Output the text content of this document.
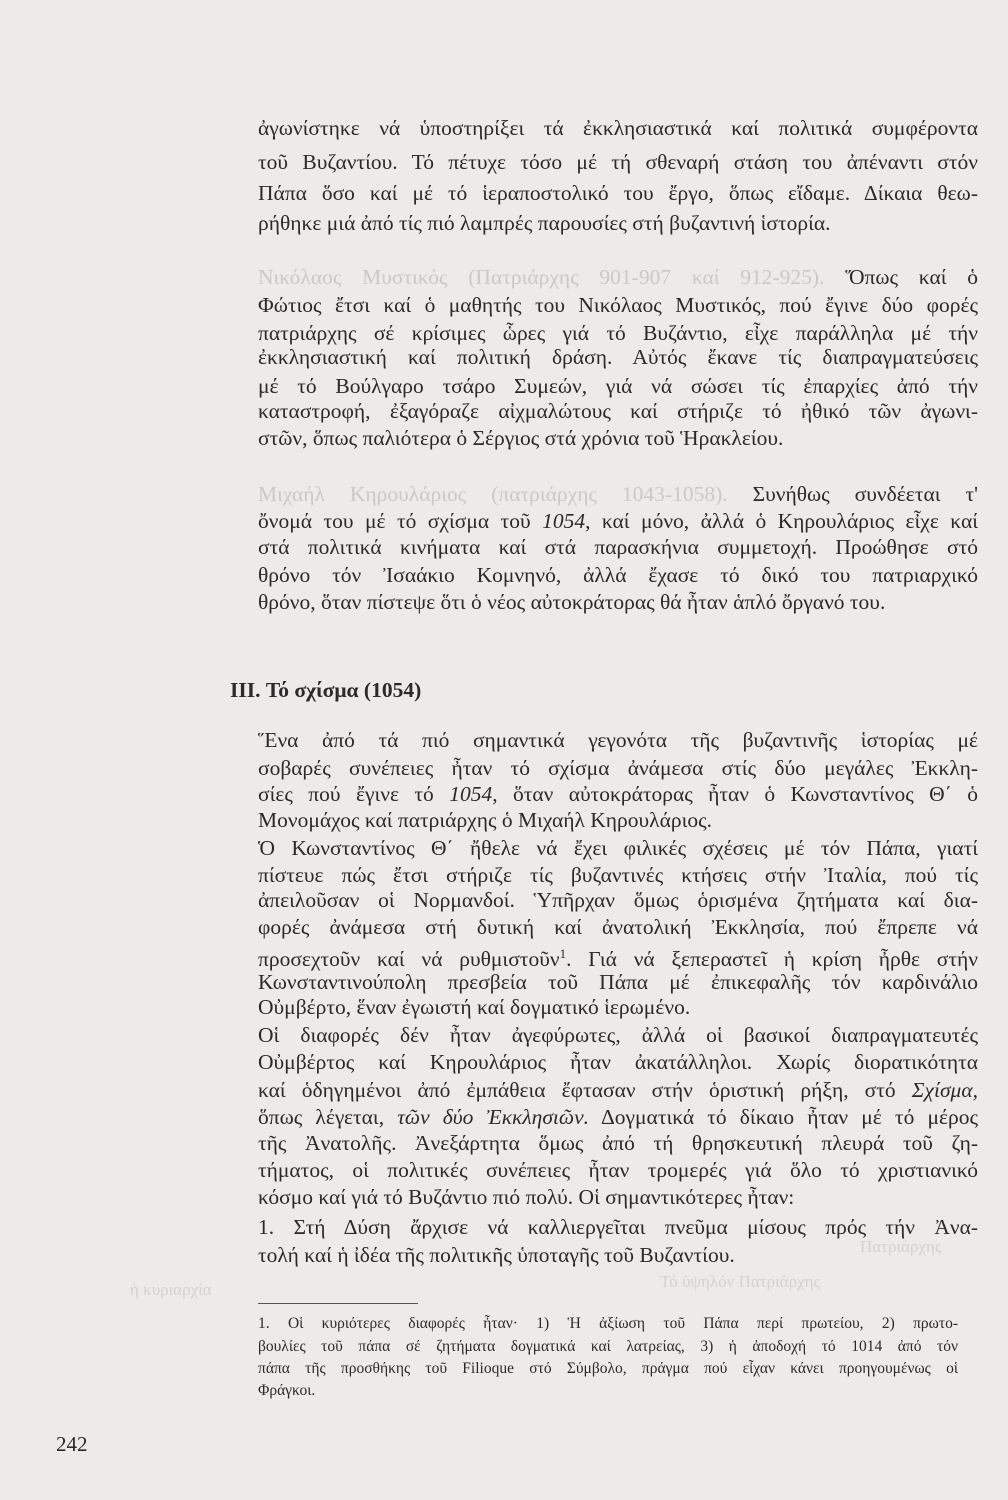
ἀγωνίστηκε νά ὑποστηρίξει τά ἐκκλησιαστικά καί πολιτικά συμφέροντα
τοῦ Βυζαντίου. Τό πέτυχε τόσο μέ τή σθεναρή στάση του ἀπέναντι στόν
Πάπα ὅσο καί μέ τό ἱεραποστολικό του ἔργο, ὅπως εἴδαμε. Δίκαια θεω-
ρήθηκε μιά ἀπό τίς πιό λαμπρές παρουσίες στή βυζαντινή ἱστορία.
Νικόλαος Μυστικός (Πατριάρχης 901-907 καί 912-925). Ὅπως καί ὁ
Φώτιος ἔτσι καί ὁ μαθητής του Νικόλαος Μυστικός, πού ἔγινε δύο φορές
πατριάρχης σέ κρίσιμες ὧρες γιά τό Βυζάντιο, εἶχε παράλληλα μέ τήν
ἐκκλησιαστική καί πολιτική δράση. Αὐτός ἔκανε τίς διαπραγματεύσεις
μέ τό Βούλγαρο τσάρο Συμεών, γιά νά σώσει τίς ἐπαρχίες ἀπό τήν
καταστροφή, ἐξαγόραζε αἰχμαλώτους καί στήριζε τό ἠθικό τῶν ἀγωνι-
στῶν, ὅπως παλιότερα ὁ Σέργιος στά χρόνια τοῦ Ἡρακλείου.
Μιχαήλ Κηρουλάριος (πατριάρχης 1043-1058). Συνήθως συνδέεται τ'
ὄνομά του μέ τό σχίσμα τοῦ 1054, καί μόνο, ἀλλά ὁ Κηρουλάριος εἶχε καί
στά πολιτικά κινήματα καί στά παρασκήνια συμμετοχή. Προώθησε στό
θρόνο τόν Ἰσαάκιο Κομνηνό, ἀλλά ἔχασε τό δικό του πατριαρχικό
θρόνο, ὅταν πίστεψε ὅτι ὁ νέος αὐτοκράτορας θά ἦταν ἁπλό ὄργανό του.
III. Τό σχίσμα (1054)
Ἕνα ἀπό τά πιό σημαντικά γεγονότα τῆς βυζαντινῆς ἱστορίας μέ
σοβαρές συνέπειες ἦταν τό σχίσμα ἀνάμεσα στίς δύο μεγάλες Ἐκκλη-
σίες πού ἔγινε τό 1054, ὅταν αὐτοκράτορας ἦταν ὁ Κωνσταντίνος Θ΄ ὁ
Μονομάχος καί πατριάρχης ὁ Μιχαήλ Κηρουλάριος.
Ὁ Κωνσταντίνος Θ΄ ἤθελε νά ἔχει φιλικές σχέσεις μέ τόν Πάπα, γιατί
πίστευε πώς ἔτσι στήριζε τίς βυζαντινές κτήσεις στήν Ἰταλία, πού τίς
ἀπειλοῦσαν οἱ Νορμανδοί. Ὑπῆρχαν ὅμως ὁρισμένα ζητήματα καί δια-
φορές ἀνάμεσα στή δυτική καί ἀνατολική Ἐκκλησία, πού ἔπρεπε νά
προσεχτοῦν καί νά ρυθμιστοῦν$^1$. Γιά νά ξεπεραστεῖ ἡ κρίση ἦρθε στήν
Κωνσταντινούπολη πρεσβεία τοῦ Πάπα μέ ἐπικεφαλῆς τόν καρδινάλιο
Οὐμβέρτο, ἕναν ἐγωιστή καί δογματικό ἱερωμένο.
Οἱ διαφορές δέν ἦταν ἀγεφύρωτες, ἀλλά οἱ βασικοί διαπραγματευτές
Οὐμβέρτος καί Κηρουλάριος ἦταν ἀκατάλληλοι. Χωρίς διορατικότητα
καί ὁδηγημένοι ἀπό ἐμπάθεια ἔφτασαν στήν ὁριστική ρήξη, στό Σχίσμα,
ὅπως λέγεται, τῶν δύο Ἐκκλησιῶν. Δογματικά τό δίκαιο ἦταν μέ τό μέρος
τῆς Ἀνατολῆς. Ἀνεξάρτητα ὅμως ἀπό τή θρησκευτική πλευρά τοῦ ζη-
τήματος, οἱ πολιτικές συνέπειες ἦταν τρομερές γιά ὅλο τό χριστιανικό
κόσμο καί γιά τό Βυζάντιο πιό πολύ. Οἱ σημαντικότερες ἦταν:
1. Στή Δύση ἄρχισε νά καλλιεργεῖται πνεῦμα μίσους πρός τήν Ἀνα-
τολή καί ἡ ἰδέα τῆς πολιτικῆς ὑποταγῆς τοῦ Βυζαντίου.	Πατριάρχης
ἡ κυριαρχία	Τό ὑψηλόν Πατριάρχης
1. Οἱ κυριότερες διαφορές ἦταν· 1) Ἡ ἀξίωση τοῦ Πάπα περί πρωτείου, 2) πρωτο-
βουλίες τοῦ πάπα σέ ζητήματα δογματικά καί λατρείας, 3) ἡ ἀποδοχή τό 1014 ἀπό τόν
πάπα τῆς προσθήκης τοῦ Filioque στό Σύμβολο, πράγμα πού εἶχαν κάνει προηγουμένως οἱ
Φράγκοι.
242
